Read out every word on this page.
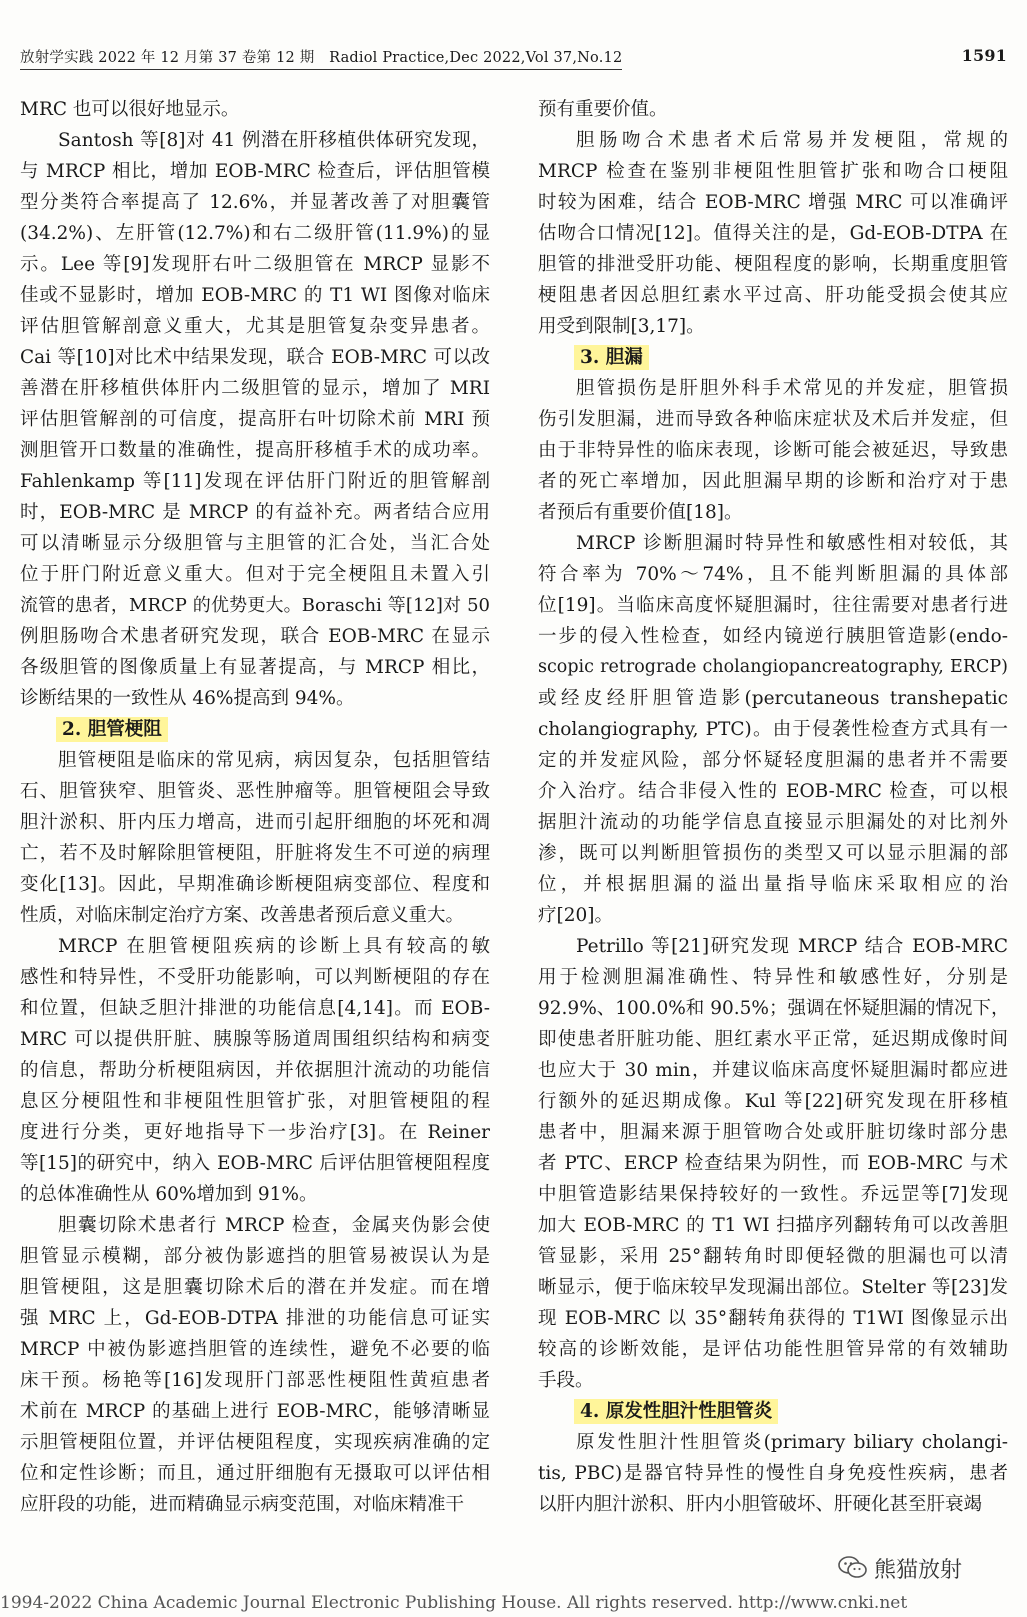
放射学实践 2022 年 12 月第 37 卷第 12 期　Radiol Practice,Dec 2022,Vol 37,No.12	1591
MRC 也可以很好地显示。
Santosh 等[8]对 41 例潜在肝移植供体研究发现，
与 MRCP 相比，增加 EOB-MRC 检查后，评估胆管模
型分类符合率提高了 12.6%，并显著改善了对胆囊管
(34.2%)、左肝管(12.7%)和右二级肝管(11.9%)的显
示。Lee 等[9]发现肝右叶二级胆管在 MRCP 显影不
佳或不显影时，增加 EOB-MRC 的 T1 WI 图像对临床
评估胆管解剖意义重大，尤其是胆管复杂变异患者。
Cai 等[10]对比术中结果发现，联合 EOB-MRC 可以改
善潜在肝移植供体肝内二级胆管的显示，增加了 MRI
评估胆管解剖的可信度，提高肝右叶切除术前 MRI 预
测胆管开口数量的准确性，提高肝移植手术的成功率。
Fahlenkamp 等[11]发现在评估肝门附近的胆管解剖
时，EOB-MRC 是 MRCP 的有益补充。两者结合应用
可以清晰显示分级胆管与主胆管的汇合处，当汇合处
位于肝门附近意义重大。但对于完全梗阻且未置入引
流管的患者，MRCP 的优势更大。Boraschi 等[12]对 50
例胆肠吻合术患者研究发现，联合 EOB-MRC 在显示
各级胆管的图像质量上有显著提高，与 MRCP 相比，
诊断结果的一致性从 46%提高到 94%。
2. 胆管梗阻
胆管梗阻是临床的常见病，病因复杂，包括胆管结
石、胆管狭窄、胆管炎、恶性肿瘤等。胆管梗阻会导致
胆汁淤积、肝内压力增高，进而引起肝细胞的坏死和凋
亡，若不及时解除胆管梗阻，肝脏将发生不可逆的病理
变化[13]。因此，早期准确诊断梗阻病变部位、程度和
性质，对临床制定治疗方案、改善患者预后意义重大。
MRCP 在胆管梗阻疾病的诊断上具有较高的敏
感性和特异性，不受肝功能影响，可以判断梗阻的存在
和位置，但缺乏胆汁排泄的功能信息[4,14]。而 EOB-
MRC 可以提供肝脏、胰腺等肠道周围组织结构和病变
的信息，帮助分析梗阻病因，并依据胆汁流动的功能信
息区分梗阻性和非梗阻性胆管扩张，对胆管梗阻的程
度进行分类，更好地指导下一步治疗[3]。在 Reiner
等[15]的研究中，纳入 EOB-MRC 后评估胆管梗阻程度
的总体准确性从 60%增加到 91%。
胆囊切除术患者行 MRCP 检查，金属夹伪影会使
胆管显示模糊，部分被伪影遮挡的胆管易被误认为是
胆管梗阻，这是胆囊切除术后的潜在并发症。而在增
强 MRC 上，Gd-EOB-DTPA 排泄的功能信息可证实
MRCP 中被伪影遮挡胆管的连续性，避免不必要的临
床干预。杨艳等[16]发现肝门部恶性梗阻性黄疸患者
术前在 MRCP 的基础上进行 EOB-MRC，能够清晰显
示胆管梗阻位置，并评估梗阻程度，实现疾病准确的定
位和定性诊断；而且，通过肝细胞有无摄取可以评估相
应肝段的功能，进而精确显示病变范围，对临床精准干
预有重要价值。
胆肠吻合术患者术后常易并发梗阻，常规的
MRCP 检查在鉴别非梗阻性胆管扩张和吻合口梗阻
时较为困难，结合 EOB-MRC 增强 MRC 可以准确评
估吻合口情况[12]。值得关注的是，Gd-EOB-DTPA 在
胆管的排泄受肝功能、梗阻程度的影响，长期重度胆管
梗阻患者因总胆红素水平过高、肝功能受损会使其应
用受到限制[3,17]。
3. 胆漏
胆管损伤是肝胆外科手术常见的并发症，胆管损
伤引发胆漏，进而导致各种临床症状及术后并发症，但
由于非特异性的临床表现，诊断可能会被延迟，导致患
者的死亡率增加，因此胆漏早期的诊断和治疗对于患
者预后有重要价值[18]。
MRCP 诊断胆漏时特异性和敏感性相对较低，其
符合率为 70%～74%，且不能判断胆漏的具体部
位[19]。当临床高度怀疑胆漏时，往往需要对患者行进
一步的侵入性检查，如经内镜逆行胰胆管造影(endo-
scopic retrograde cholangiopancreatography, ERCP)
或经皮经肝胆管造影(percutaneous transhepatic
cholangiography, PTC)。由于侵袭性检查方式具有一
定的并发症风险，部分怀疑轻度胆漏的患者并不需要
介入治疗。结合非侵入性的 EOB-MRC 检查，可以根
据胆汁流动的功能学信息直接显示胆漏处的对比剂外
渗，既可以判断胆管损伤的类型又可以显示胆漏的部
位，并根据胆漏的溢出量指导临床采取相应的治
疗[20]。
Petrillo 等[21]研究发现 MRCP 结合 EOB-MRC
用于检测胆漏准确性、特异性和敏感性好，分别是
92.9%、100.0%和 90.5%；强调在怀疑胆漏的情况下，
即使患者肝脏功能、胆红素水平正常，延迟期成像时间
也应大于 30 min，并建议临床高度怀疑胆漏时都应进
行额外的延迟期成像。Kul 等[22]研究发现在肝移植
患者中，胆漏来源于胆管吻合处或肝脏切缘时部分患
者 PTC、ERCP 检查结果为阴性，而 EOB-MRC 与术
中胆管造影结果保持较好的一致性。乔远罡等[7]发现
加大 EOB-MRC 的 T1 WI 扫描序列翻转角可以改善胆
管显影，采用 25°翻转角时即便轻微的胆漏也可以清
晰显示，便于临床较早发现漏出部位。Stelter 等[23]发
现 EOB-MRC 以 35°翻转角获得的 T1WI 图像显示出
较高的诊断效能，是评估功能性胆管异常的有效辅助
手段。
4. 原发性胆汁性胆管炎
原发性胆汁性胆管炎(primary biliary cholangi-
tis, PBC)是器官特异性的慢性自身免疫性疾病，患者
以肝内胆汁淤积、肝内小胆管破坏、肝硬化甚至肝衰竭
熊猫放射
1994-2022 China Academic Journal Electronic Publishing House. All rights reserved. http://www.cnki.net
